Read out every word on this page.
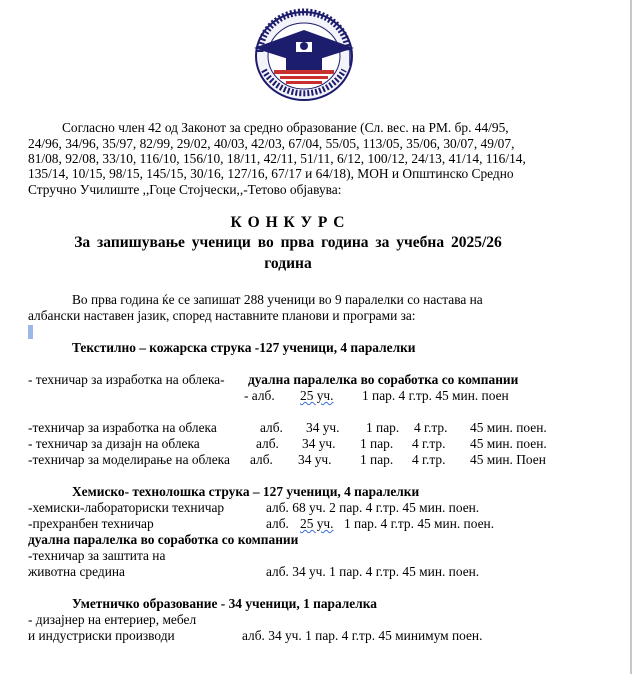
Согласно член 42 од Законот за средно образование (Сл. вес. на РМ. бр. 44/95,
24/96, 34/96, 35/97, 82/99, 29/02, 40/03, 42/03, 67/04, 55/05, 113/05, 35/06, 30/07, 49/07,
81/08, 92/08, 33/10, 116/10, 156/10, 18/11, 42/11, 51/11, 6/12, 100/12, 24/13, 41/14, 116/14,
135/14, 10/15, 98/15, 145/15, 30/16, 127/16, 67/17 и 64/18), МОН и Општинско Средно
Стручно Училиште ,,Гоце Стојчески,,-Тетово објавува:
К О Н К У Р С
За запишување ученици во прва година за учебна 2025/26
година
Во прва година ќе се запишат 288 ученици во 9 паралелки со настава на
албански наставен јазик, според наставните планови и програми за:
Текстилно – кожарска струка -127 ученици, 4 паралелки
- техничар за изработка на облека- дуална паралелка во соработка со компании
- алб. 25 уч. 1 пар. 4 г.тр. 45 мин. поен
-техничар за изработка на облека	алб. 34 уч. 1 пар. 4 г.тр. 45 мин. поен.
- техничар за дизајн на облека	алб. 34 уч. 1 пар. 4 г.тр. 45 мин. поен.
-техничар за моделирање на облека алб. 34 уч. 1 пар. 4 г.тр. 45 мин. Поен
Хемиско- технолошка струка – 127 ученици, 4 паралелки
-хемиски-лабораториски техничар	алб. 68 уч. 2 пар. 4 г.тр. 45 мин. поен.
-прехранбен техничар	алб. 25 уч. 1 пар. 4 г.тр. 45 мин. поен.
дуална паралелка во соработка со компании
-техничар за заштита на
животна средина	алб. 34 уч. 1 пар. 4 г.тр. 45 мин. поен.
Уметничко образование - 34 ученици, 1 паралелка
- дизајнер на ентериер, мебел
и индустриски производи	алб. 34 уч. 1 пар. 4 г.тр. 45 минимум поен.
